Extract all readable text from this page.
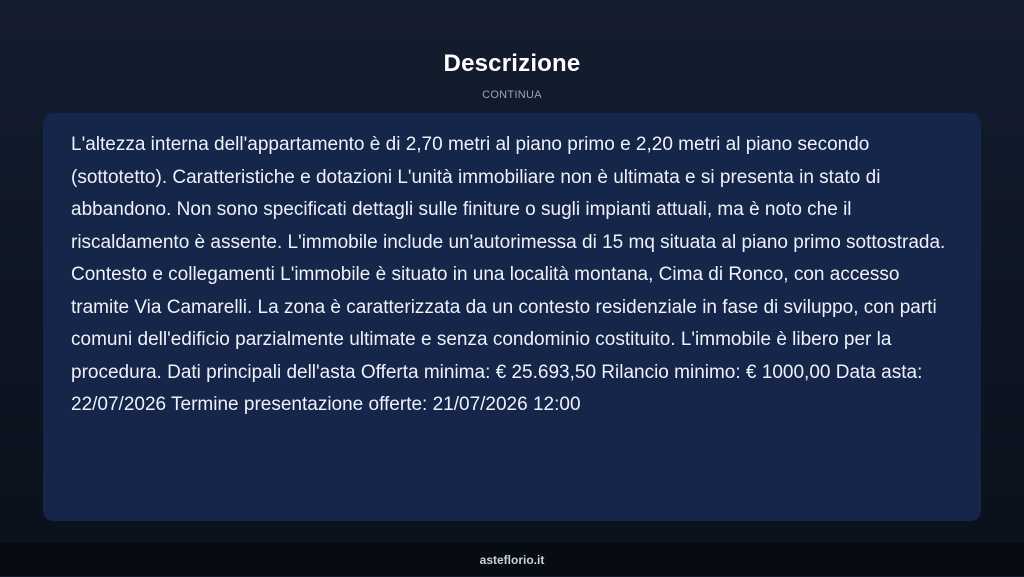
Descrizione
CONTINUA

L'altezza interna dell'appartamento è di 2,70 metri al piano primo e 2,20 metri al piano secondo (sottotetto). Caratteristiche e dotazioni L'unità immobiliare non è ultimata e si presenta in stato di abbandono. Non sono specificati dettagli sulle finiture o sugli impianti attuali, ma è noto che il riscaldamento è assente. L'immobile include un'autorimessa di 15 mq situata al piano primo sottostrada. Contesto e collegamenti L'immobile è situato in una località montana, Cima di Ronco, con accesso tramite Via Camarelli. La zona è caratterizzata da un contesto residenziale in fase di sviluppo, con parti comuni dell'edificio parzialmente ultimate e senza condominio costituito. L'immobile è libero per la procedura. Dati principali dell'asta Offerta minima: € 25.693,50 Rilancio minimo: € 1000,00 Data asta: 22/07/2026 Termine presentazione offerte: 21/07/2026 12:00

asteflorio.it
